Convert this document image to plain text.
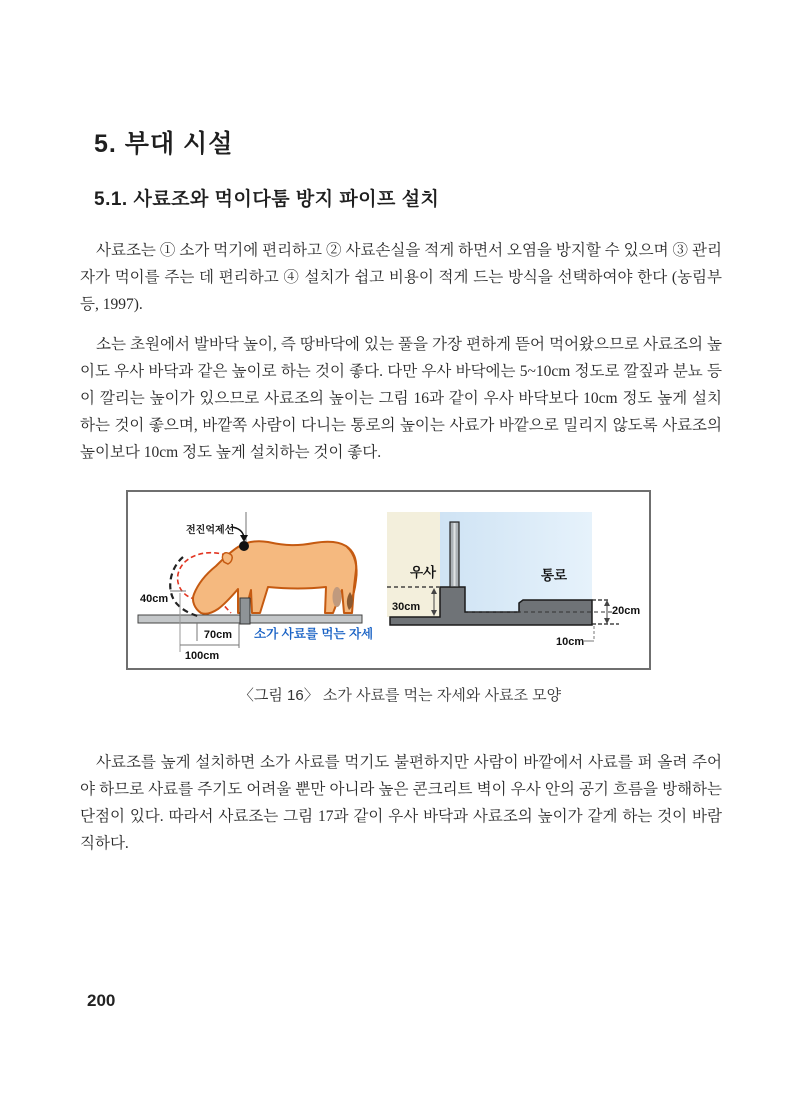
5. 부대 시설
5.1. 사료조와 먹이다툼 방지 파이프 설치

사료조는 ① 소가 먹기에 편리하고 ② 사료손실을 적게 하면서 오염을 방지할 수 있으며 ③ 관리자가 먹이를 주는 데 편리하고 ④ 설치가 쉽고 비용이 적게 드는 방식을 선택하여야 한다 (농림부 등, 1997).

소는 초원에서 발바닥 높이, 즉 땅바닥에 있는 풀을 가장 편하게 뜯어 먹어왔으므로 사료조의 높이도 우사 바닥과 같은 높이로 하는 것이 좋다. 다만 우사 바닥에는 5~10cm 정도로 깔짚과 분뇨 등이 깔리는 높이가 있으므로 사료조의 높이는 그림 16과 같이 우사 바닥보다 10cm 정도 높게 설치하는 것이 좋으며, 바깥쪽 사람이 다니는 통로의 높이는 사료가 바깥으로 밀리지 않도록 사료조의 높이보다 10cm 정도 높게 설치하는 것이 좋다.

전진억제선
40cm
70cm
100cm
소가 사료를 먹는 자세
30cm
우사	통로
20cm
10cm
〈그림 16〉 소가 사료를 먹는 자세와 사료조 모양

사료조를 높게 설치하면 소가 사료를 먹기도 불편하지만 사람이 바깥에서 사료를 퍼 올려 주어야 하므로 사료를 주기도 어려울 뿐만 아니라 높은 콘크리트 벽이 우사 안의 공기 흐름을 방해하는 단점이 있다. 따라서 사료조는 그림 17과 같이 우사 바닥과 사료조의 높이가 같게 하는 것이 바람직하다.

200
